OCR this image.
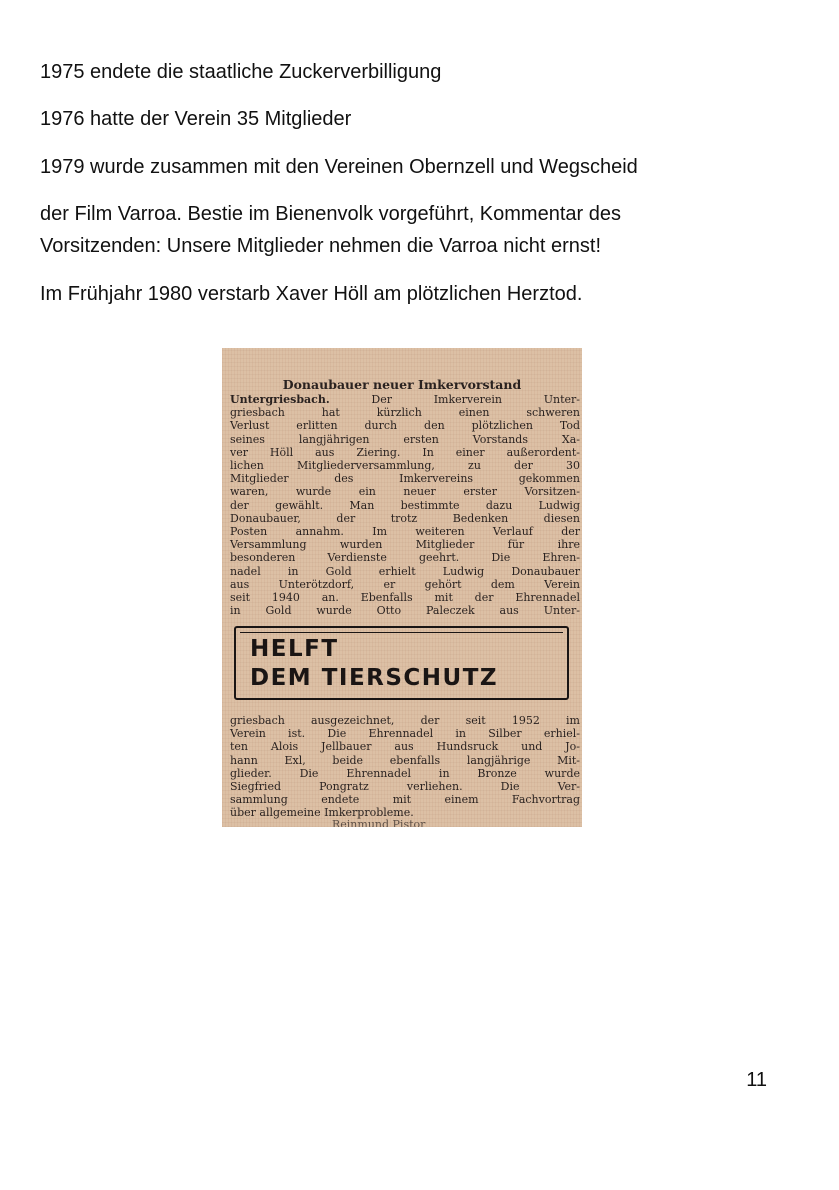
1975 endete die staatliche Zuckerverbilligung

1976 hatte der Verein 35 Mitglieder

1979 wurde zusammen mit den Vereinen Obernzell und Wegscheid

der Film Varroa. Bestie im Bienenvolk vorgeführt, Kommentar des Vorsitzenden: Unsere Mitglieder nehmen die Varroa nicht ernst!

Im Frühjahr 1980 verstarb Xaver Höll am plötzlichen Herztod.

Donaubauer neuer Imkervorstand
Untergriesbach.	Der Imkerverein Unter-
griesbach hat kürzlich einen schweren
Verlust erlitten durch den plötzlichen Tod
seines langjährigen ersten Vorstands Xa-
ver Höll aus Ziering. In einer außerordent-
lichen Mitgliederversammlung, zu der 30
Mitglieder des Imkervereins gekommen
waren, wurde ein neuer erster Vorsitzen-
der gewählt. Man bestimmte dazu Ludwig
Donaubauer, der trotz Bedenken diesen
Posten annahm. Im weiteren Verlauf der
Versammlung wurden Mitglieder für ihre
besonderen Verdienste geehrt. Die Ehren-
nadel in Gold erhielt Ludwig Donaubauer
aus Unterötzdorf, er gehört dem Verein
seit 1940 an. Ebenfalls mit der Ehrennadel
in Gold wurde Otto Paleczek aus Unter-
HELFT
DEM TIERSCHUTZ
griesbach ausgezeichnet, der seit 1952 im
Verein ist. Die Ehrennadel in Silber erhiel-
ten Alois Jellbauer aus Hundsruck und Jo-
hann Exl, beide ebenfalls langjährige Mit-
glieder. Die Ehrennadel in Bronze wurde
Siegfried Pongratz verliehen. Die Ver-
sammlung endete mit einem Fachvortrag
über allgemeine Imkerprobleme.
Reinmund Pistor
11
